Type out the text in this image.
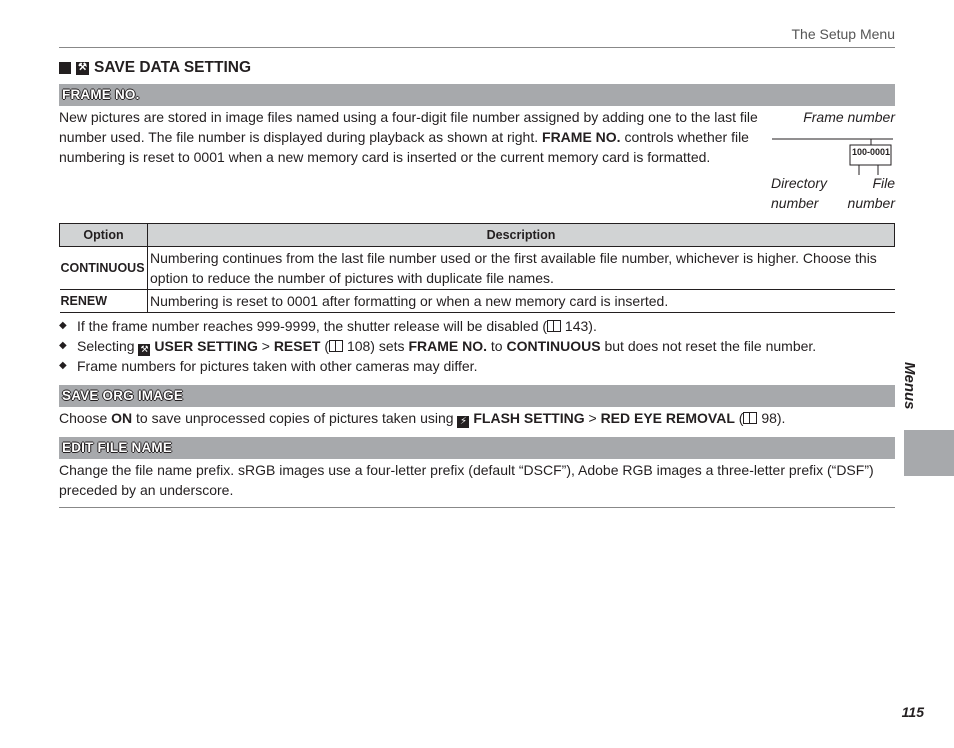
The Setup Menu
⚒ SAVE DATA SETTING
FRAME NO.
New pictures are stored in image files named using a four-digit file number assigned by adding one to the last file number used. The file number is displayed during playback as shown at right. FRAME NO. controls whether file numbering is reset to 0001 when a new memory card is inserted or the current memory card is formatted.
Frame number
100-0001
Directory
number
File
number
Option	Description
CONTINUOUS	Numbering continues from the last file number used or the first available file number, whichever is higher. Choose this option to reduce the number of pictures with duplicate file names.
RENEW	Numbering is reset to 0001 after formatting or when a new memory card is inserted.
◆ If the frame number reaches 999-9999, the shutter release will be disabled ( 143).
◆ Selecting ⚒ USER SETTING > RESET ( 108) sets FRAME NO. to CONTINUOUS but does not reset the file number.
◆ Frame numbers for pictures taken with other cameras may differ.
SAVE ORG IMAGE
Choose ON to save unprocessed copies of pictures taken using ⚡ FLASH SETTING > RED EYE REMOVAL ( 98).
EDIT FILE NAME
Change the file name prefix. sRGB images use a four-letter prefix (default “DSCF”), Adobe RGB images a three-letter prefix (“DSF”) preceded by an underscore.
Menus
115
